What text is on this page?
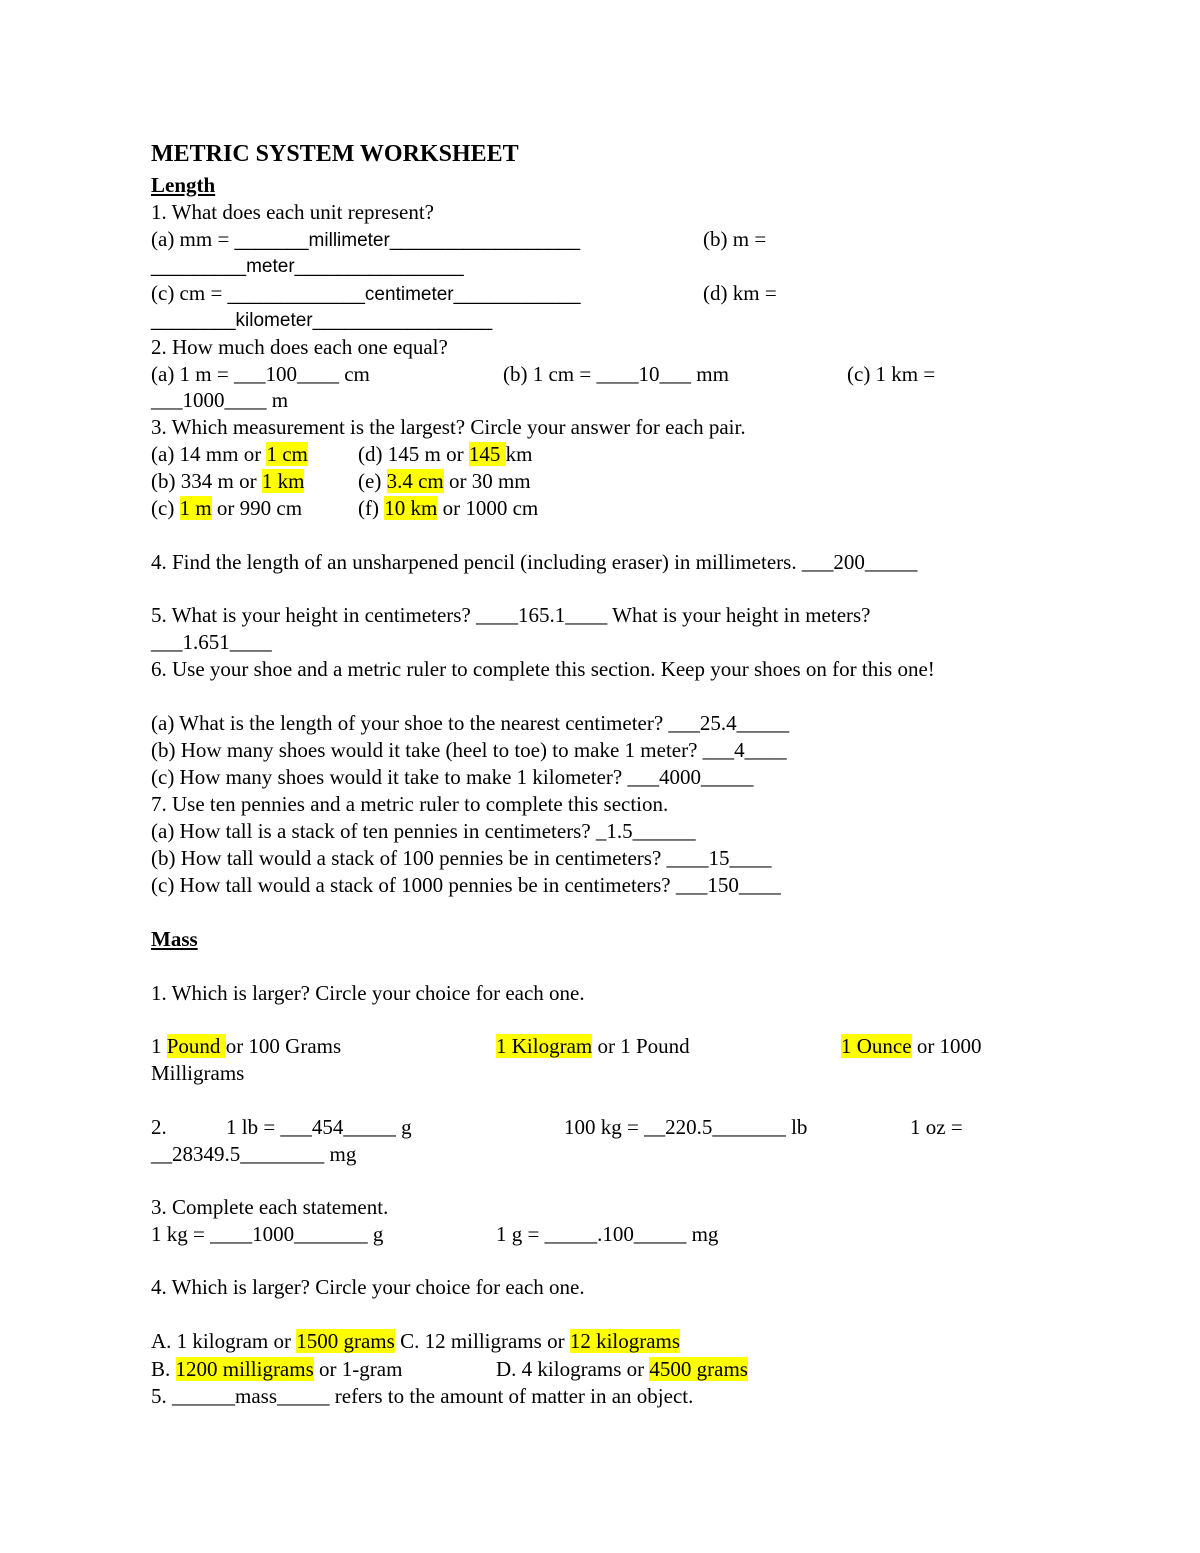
METRIC SYSTEM WORKSHEET
Length
1. What does each unit represent?
(a) mm = _______millimeter__________________	(b) m =
_________meter________________
(c) cm = _____________centimeter____________	(d) km =
________kilometer_________________
2. How much does each one equal?
(a) 1 m = ___100____ cm	(b) 1 cm = ____10___ mm	(c) 1 km =
___1000____ m
3. Which measurement is the largest? Circle your answer for each pair.
(a) 14 mm or 1 cm (d) 145 m or 145 km
(b) 334 m or 1 km	(e) 3.4 cm or 30 mm
(c) 1 m or 990 cm	(f) 10 km or 1000 cm
4. Find the length of an unsharpened pencil (including eraser) in millimeters. ___200_____
5. What is your height in centimeters? ____165.1____ What is your height in meters?
___1.651____
6. Use your shoe and a metric ruler to complete this section. Keep your shoes on for this one!
(a) What is the length of your shoe to the nearest centimeter? ___25.4_____
(b) How many shoes would it take (heel to toe) to make 1 meter? ___4____
(c) How many shoes would it take to make 1 kilometer? ___4000_____
7. Use ten pennies and a metric ruler to complete this section.
(a) How tall is a stack of ten pennies in centimeters? _1.5______
(b) How tall would a stack of 100 pennies be in centimeters? ____15____
(c) How tall would a stack of 1000 pennies be in centimeters? ___150____
Mass
1. Which is larger? Circle your choice for each one.
1 Pound or 100 Grams	1 Kilogram or 1 Pound	1 Ounce or 1000
Milligrams
2.	1 lb = ___454_____ g	100 kg = __220.5_______ lb	1 oz =
__28349.5________ mg
3. Complete each statement.
1 kg = ____1000_______ g	1 g = _____.100_____ mg
4. Which is larger? Circle your choice for each one.
A. 1 kilogram or 1500 grams C. 12 milligrams or 12 kilograms
B. 1200 milligrams or 1-gram	D. 4 kilograms or 4500 grams
5. ______mass_____ refers to the amount of matter in an object.
